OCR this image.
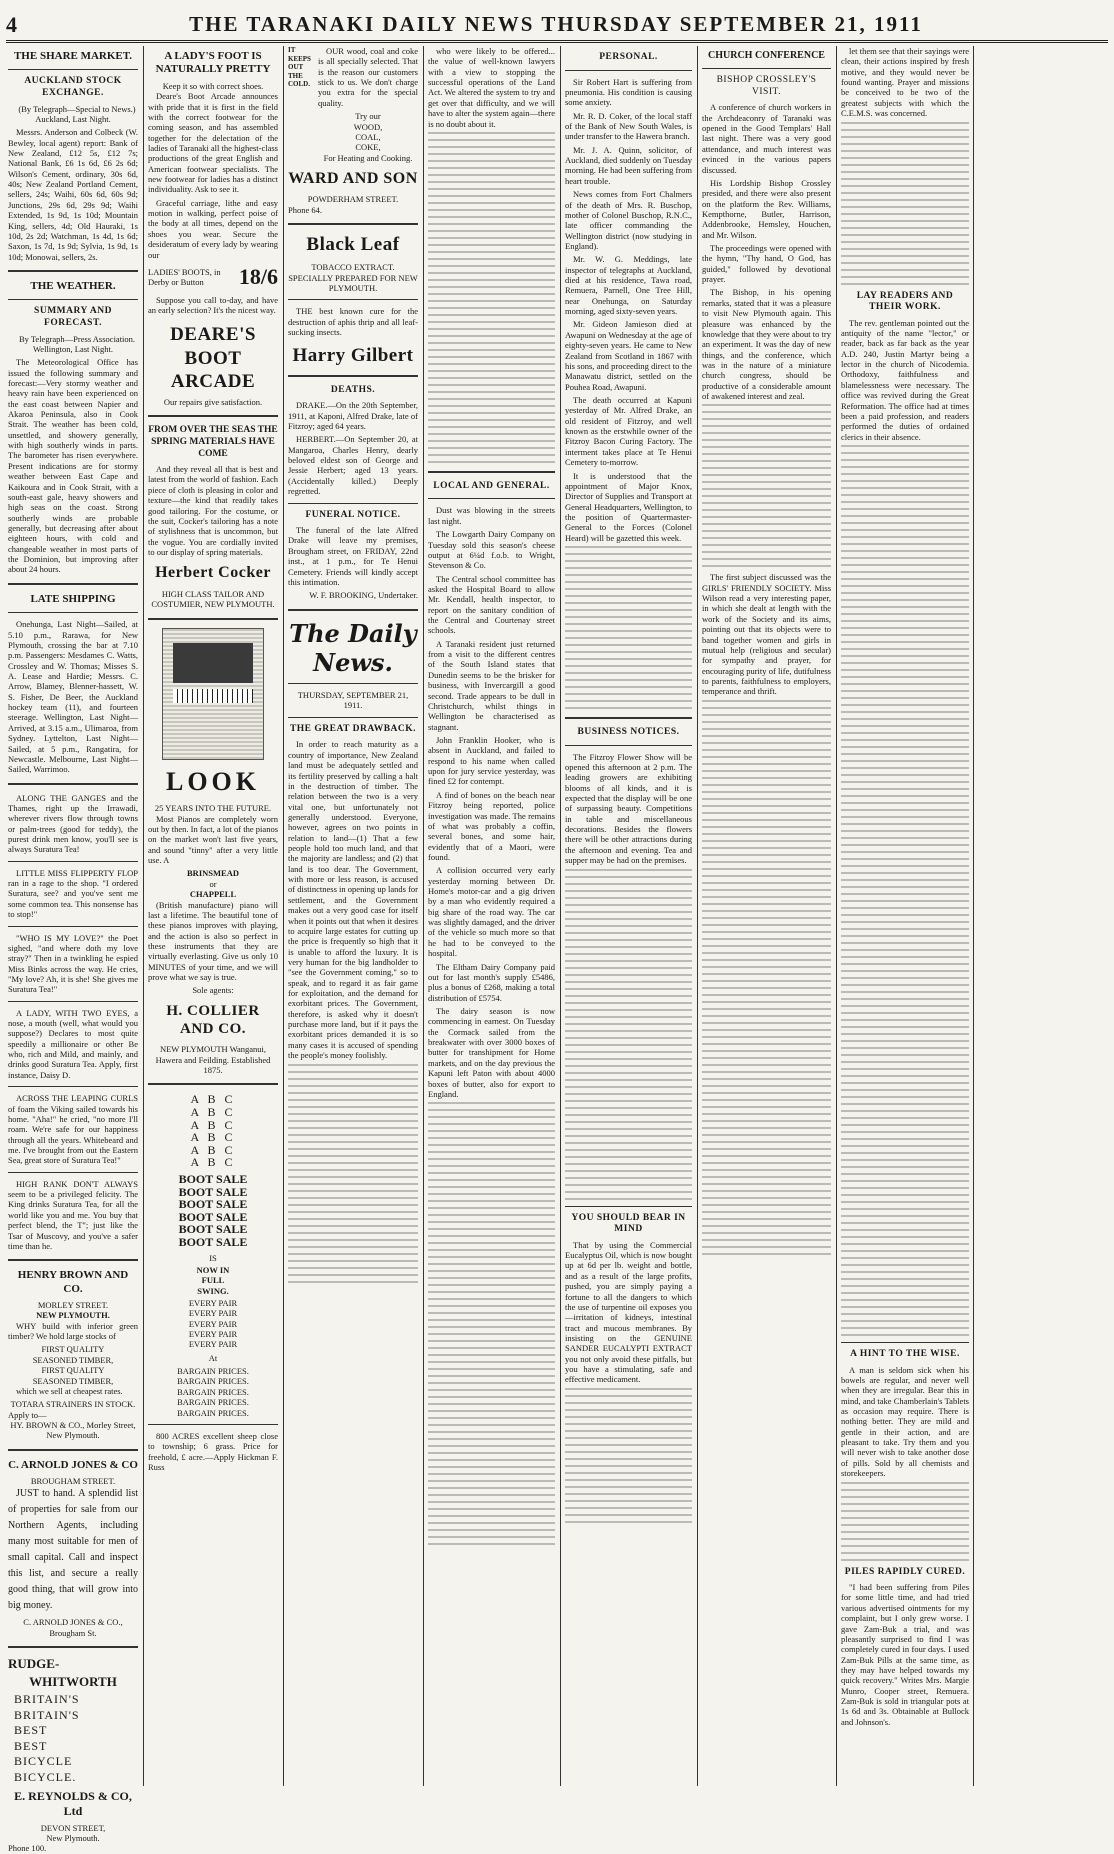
4	THE TARANAKI DAILY NEWS THURSDAY SEPTEMBER 21, 1911
THE SHARE MARKET.
AUCKLAND STOCK EXCHANGE.

(By Telegraph—Special to News.) Auckland, Last Night.

Messrs. Anderson and Colbeck (W. Bewley, local agent) report: Bank of New Zealand, £12 5s, £12 7s; National Bank, £6 1s 6d, £6 2s 6d; Wilson's Cement, ordinary, 30s 6d, 40s; New Zealand Portland Cement, sellers, 24s; Waihi, 60s 6d, 60s 9d; Junctions, 29s 6d, 29s 9d; Waihi Extended, 1s 9d, 1s 10d; Mountain King, sellers, 4d; Old Hauraki, 1s 10d, 2s 2d; Watchman, 1s 4d, 1s 6d; Saxon, 1s 7d, 1s 9d; Sylvia, 1s 9d, 1s 10d; Monowai, sellers, 2s.

THE WEATHER.
SUMMARY AND FORECAST.

By Telegraph—Press Association. Wellington, Last Night.

The Meteorological Office has issued the following summary and forecast:—Very stormy weather and heavy rain have been experienced on the east coast between Napier and Akaroa Peninsula, also in Cook Strait. The weather has been cold, unsettled, and showery generally, with high southerly winds in parts. The barometer has risen everywhere. Present indications are for stormy weather between East Cape and Kaikoura and in Cook Strait, with a south-east gale, heavy showers and high seas on the coast. Strong southerly winds are probable generally, but decreasing after about eighteen hours, with cold and changeable weather in most parts of the Dominion, but improving after about 24 hours.

LATE SHIPPING

Onehunga, Last Night—Sailed, at 5.10 p.m., Rarawa, for New Plymouth, crossing the bar at 7.10 p.m. Passengers: Mesdames C. Watts, Crossley and W. Thomas; Misses S. A. Lease and Hardie; Messrs. C. Arrow, Blamey, Blenner-hassett, W. S. Fisher, De Beer, the Auckland hockey team (11), and fourteen steerage. Wellington, Last Night—Arrived, at 3.15 a.m., Ulimaroa, from Sydney. Lyttelton, Last Night—Sailed, at 5 p.m., Rangatira, for Newcastle. Melbourne, Last Night—Sailed, Warrimoo.

ALONG THE GANGES and the Thames, right up the Irrawadi, wherever rivers flow through towns or palm-trees (good for teddy), the purest drink men know, you'll see is always Suratura Tea!

LITTLE MISS FLIPPERTY FLOP ran in a rage to the shop. "I ordered Suratura, see? and you've sent me some common tea. This nonsense has to stop!"

"WHO IS MY LOVE?" the Poet sighed, "and where doth my love stray?" Then in a twinkling he espied Miss Binks across the way. He cries, "My love? Ah, it is she! She gives me Suratura Tea!"

A LADY, WITH TWO EYES, a nose, a mouth (well, what would you suppose?) Declares to most quite speedily a millionaire or other Be who, rich and Mild, and mainly, and drinks good Suratura Tea. Apply, first instance, Daisy D.

ACROSS THE LEAPING CURLS of foam the Viking sailed towards his home. "Aha!" he cried, "no more I'll roam. We're safe for our happiness through all the years. Whitebeard and me. I've brought from out the Eastern Sea, great store of Suratura Tea!"

HIGH RANK DON'T ALWAYS seem to be a privileged felicity. The King drinks Suratura Tea, for all the world like you and me. You buy that perfect blend, the T"; just like the Tsar of Muscovy, and you've a safer time than he.

HENRY BROWN AND CO.
MORLEY STREET.
NEW PLYMOUTH.

WHY build with inferior green timber? We hold large stocks of

FIRST QUALITY
SEASONED TIMBER,
FIRST QUALITY
SEASONED TIMBER,

which we sell at cheapest rates.

TOTARA STRAINERS IN STOCK.
Apply to—
HY. BROWN & CO., Morley Street, New Plymouth.
C. ARNOLD JONES & CO
BROUGHAM STREET.

JUST to hand. A splendid list of properties for sale from our Northern Agents, including many most suitable for men of small capital. Call and inspect this list, and secure a really good thing, that will grow into big money.

C. ARNOLD JONES & CO., Brougham St.
RUDGE-
WHITWORTH
BRITAIN'S
BRITAIN'S
BEST
BEST
BICYCLE
BICYCLE.
E. REYNOLDS & CO, Ltd
DEVON STREET,
New Plymouth.
Phone 100.
A LADY'S FOOT IS NATURALLY PRETTY
Keep it so with correct shoes.

Deare's Boot Arcade announces with pride that it is first in the field with the correct footwear for the coming season, and has assembled together for the delectation of the ladies of Taranaki all the highest-class productions of the great English and American footwear specialists. The new footwear for ladies has a distinct individuality. Ask to see it.

Graceful carriage, lithe and easy motion in walking, perfect poise of the body at all times, depend on the shoes you wear. Secure the desideratum of every lady by wearing our

LADIES' BOOTS, in Derby or Button	18/6

Suppose you call to-day, and have an early selection? It's the nicest way.

DEARE'S
BOOT ARCADE
Our repairs give satisfaction.
FROM OVER THE SEAS THE SPRING MATERIALS HAVE COME

And they reveal all that is best and latest from the world of fashion. Each piece of cloth is pleasing in color and texture—the kind that readily takes good tailoring. For the costume, or the suit, Cocker's tailoring has a note of stylishness that is uncommon, but the vogue. You are cordially invited to our display of spring materials.

Herbert Cocker
HIGH CLASS TAILOR AND COSTUMIER, NEW PLYMOUTH.
LOOK
25 YEARS INTO THE FUTURE.

Most Pianos are completely worn out by then. In fact, a lot of the pianos on the market won't last five years, and sound "tinny" after a very little use. A

BRINSMEAD
or
CHAPPELL

(British manufacture) piano will last a lifetime. The beautiful tone of these pianos improves with playing, and the action is also so perfect in these instruments that they are virtually everlasting. Give us only 10 MINUTES of your time, and we will prove what we say is true.

Sole agents:
H. COLLIER AND CO.
NEW PLYMOUTH Wanganui, Hawera and Feilding. Established 1875.
A B C
A B C
A B C
A B C
A B C
A B C
BOOT SALE
BOOT SALE
BOOT SALE
BOOT SALE
BOOT SALE
BOOT SALE
IS
NOW IN FULL SWING.
EVERY PAIR
EVERY PAIR
EVERY PAIR
EVERY PAIR
EVERY PAIR
At
BARGAIN PRICES.
BARGAIN PRICES.
BARGAIN PRICES.
BARGAIN PRICES.
BARGAIN PRICES.

800 ACRES excellent sheep close to township; 6 grass. Price for freehold, £ acre.—Apply Hickman F. Russ

IT KEEPS OUT THE COLD.

OUR wood, coal and coke is all specially selected. That is the reason our customers stick to us. We don't charge you extra for the special quality.

Try our
WOOD,
COAL,
COKE,
For Heating and Cooking.
WARD AND SON
POWDERHAM STREET.
Phone 64.
Black Leaf
TOBACCO EXTRACT.
SPECIALLY PREPARED FOR NEW PLYMOUTH.

THE best known cure for the destruction of aphis thrip and all leaf-sucking insects.

Harry Gilbert
DEATHS.

DRAKE.—On the 20th September, 1911, at Kaponi, Alfred Drake, late of Fitzroy; aged 64 years.

HERBERT.—On September 20, at Mangaroa, Charles Henry, dearly beloved eldest son of George and Jessie Herbert; aged 13 years. (Accidentally killed.) Deeply regretted.

FUNERAL NOTICE.

The funeral of the late Alfred Drake will leave my premises, Brougham street, on FRIDAY, 22nd inst., at 1 p.m., for Te Henui Cemetery. Friends will kindly accept this intimation.

W. F. BROOKING, Undertaker.
The Daily News.
THURSDAY, SEPTEMBER 21, 1911.
THE GREAT DRAWBACK.

In order to reach maturity as a country of importance, New Zealand land must be adequately settled and its fertility preserved by calling a halt in the destruction of timber. The relation between the two is a very vital one, but unfortunately not generally understood. Everyone, however, agrees on two points in relation to land—(1) That a few people hold too much land, and that the majority are landless; and (2) that land is too dear. The Government, with more or less reason, is accused of distinctness in opening up lands for settlement, and the Government makes out a very good case for itself when it points out that when it desires to acquire large estates for cutting up the price is frequently so high that it is unable to afford the luxury. It is very human for the big landholder to "see the Government coming," so to speak, and to regard it as fair game for exploitation, and the demand for exorbitant prices. The Government, therefore, is asked why it doesn't purchase more land, but if it pays the exorbitant prices demanded it is so many cases it is accused of spending the people's money foolishly.

who were likely to be offered... the value of well-known lawyers with a view to stopping the successful operations of the Land Act. We altered the system to try and get over that difficulty, and we will have to alter the system again—there is no doubt about it.

LOCAL AND GENERAL.

Dust was blowing in the streets last night.

The Lowgarth Dairy Company on Tuesday sold this season's cheese output at 6¼d f.o.b. to Wright, Stevenson & Co.

The Central school committee has asked the Hospital Board to allow Mr. Kendall, health inspector, to report on the sanitary condition of the Central and Courtenay street schools.

A Taranaki resident just returned from a visit to the different centres of the South Island states that Dunedin seems to be the brisker for business, with Invercargill a good second. Trade appears to be dull in Christchurch, whilst things in Wellington be characterised as stagnant.

John Franklin Hooker, who is absent in Auckland, and failed to respond to his name when called upon for jury service yesterday, was fined £2 for contempt.

A find of bones on the beach near Fitzroy being reported, police investigation was made. The remains of what was probably a coffin, several bones, and some hair, evidently that of a Maori, were found.

A collision occurred very early yesterday morning between Dr. Home's motor-car and a gig driven by a man who evidently required a big share of the road way. The car was slightly damaged, and the driver of the vehicle so much more so that he had to be conveyed to the hospital.

The Eltham Dairy Company paid out for last month's supply £5486, plus a bonus of £268, making a total distribution of £5754.

The dairy season is now commencing in earnest. On Tuesday the Cormack sailed from the breakwater with over 3000 boxes of butter for transhipment for Home markets, and on the day previous the Kapuni left Paton with about 4000 boxes of butter, also for export to England.

PERSONAL.

Sir Robert Hart is suffering from pneumonia. His condition is causing some anxiety.

Mr. R. D. Coker, of the local staff of the Bank of New South Wales, is under transfer to the Hawera branch.

Mr. J. A. Quinn, solicitor, of Auckland, died suddenly on Tuesday morning. He had been suffering from heart trouble.

News comes from Fort Chalmers of the death of Mrs. R. Buschop, mother of Colonel Buschop, R.N.C., late officer commanding the Wellington district (now studying in England).

Mr. W. G. Meddings, late inspector of telegraphs at Auckland, died at his residence, Tawa road, Remuera, Parnell, One Tree Hill, near Onehunga, on Saturday morning, aged sixty-seven years.

Mr. Gideon Jamieson died at Awapuni on Wednesday at the age of eighty-seven years. He came to New Zealand from Scotland in 1867 with his sons, and proceeding direct to the Manawatu district, settled on the Pouhea Road, Awapuni.

The death occurred at Kapuni yesterday of Mr. Alfred Drake, an old resident of Fitzroy, and well known as the erstwhile owner of the Fitzroy Bacon Curing Factory. The interment takes place at Te Henui Cemetery to-morrow.

It is understood that the appointment of Major Knox, Director of Supplies and Transport at General Headquarters, Wellington, to the position of Quartermaster-General to the Forces (Colonel Heard) will be gazetted this week.

BUSINESS NOTICES.

The Fitzroy Flower Show will be opened this afternoon at 2 p.m. The leading growers are exhibiting blooms of all kinds, and it is expected that the display will be one of surpassing beauty. Competitions in table and miscellaneous decorations. Besides the flowers there will be other attractions during the afternoon and evening. Tea and supper may be had on the premises.

YOU SHOULD BEAR IN MIND

That by using the Commercial Eucalyptus Oil, which is now bought up at 6d per lb. weight and bottle, and as a result of the large profits, pushed, you are simply paying a fortune to all the dangers to which the use of turpentine oil exposes you—irritation of kidneys, intestinal tract and mucous membranes. By insisting on the GENUINE SANDER EUCALYPTI EXTRACT you not only avoid these pitfalls, but you have a stimulating, safe and effective medicament.

CHURCH CONFERENCE
BISHOP CROSSLEY'S VISIT.

A conference of church workers in the Archdeaconry of Taranaki was opened in the Good Templars' Hall last night. There was a very good attendance, and much interest was evinced in the various papers discussed.

His Lordship Bishop Crossley presided, and there were also present on the platform the Rev. Williams, Kempthorne, Butler, Harrison, Addenbrooke, Hemsley, Houchen, and Mr. Wilson.

The proceedings were opened with the hymn, "Thy hand, O God, has guided," followed by devotional prayer.

The Bishop, in his opening remarks, stated that it was a pleasure to visit New Plymouth again. This pleasure was enhanced by the knowledge that they were about to try an experiment. It was the day of new things, and the conference, which was in the nature of a miniature church congress, should be productive of a considerable amount of awakened interest and zeal.

The first subject discussed was the GIRLS' FRIENDLY SOCIETY. Miss Wilson read a very interesting paper, in which she dealt at length with the work of the Society and its aims, pointing out that its objects were to band together women and girls in mutual help (religious and secular) for sympathy and prayer, for encouraging purity of life, dutifulness to parents, faithfulness to employers, temperance and thrift.

let them see that their sayings were clean, their actions inspired by fresh motive, and they would never be found wanting. Prayer and missions be conceived to be two of the greatest subjects with which the C.E.M.S. was concerned.

LAY READERS AND THEIR WORK.

The rev. gentleman pointed out the antiquity of the name "lector," or reader, back as far back as the year A.D. 240, Justin Martyr being a lector in the church of Nicodemia. Orthodoxy, faithfulness and blamelessness were necessary. The office was revived during the Great Reformation. The office had at times been a paid profession, and readers performed the duties of ordained clerics in their absence.

A HINT TO THE WISE.

A man is seldom sick when his bowels are regular, and never well when they are irregular. Bear this in mind, and take Chamberlain's Tablets as occasion may require. There is nothing better. They are mild and gentle in their action, and are pleasant to take. Try them and you will never wish to take another dose of pills. Sold by all chemists and storekeepers.

PILES RAPIDLY CURED.

"I had been suffering from Piles for some little time, and had tried various advertised ointments for my complaint, but I only grew worse. I gave Zam-Buk a trial, and was pleasantly surprised to find I was completely cured in four days. I used Zam-Buk Pills at the same time, as they may have helped towards my quick recovery." Writes Mrs. Margie Munro, Cooper street, Remuera. Zam-Buk is sold in triangular pots at 1s 6d and 3s. Obtainable at Bullock and Johnson's.
